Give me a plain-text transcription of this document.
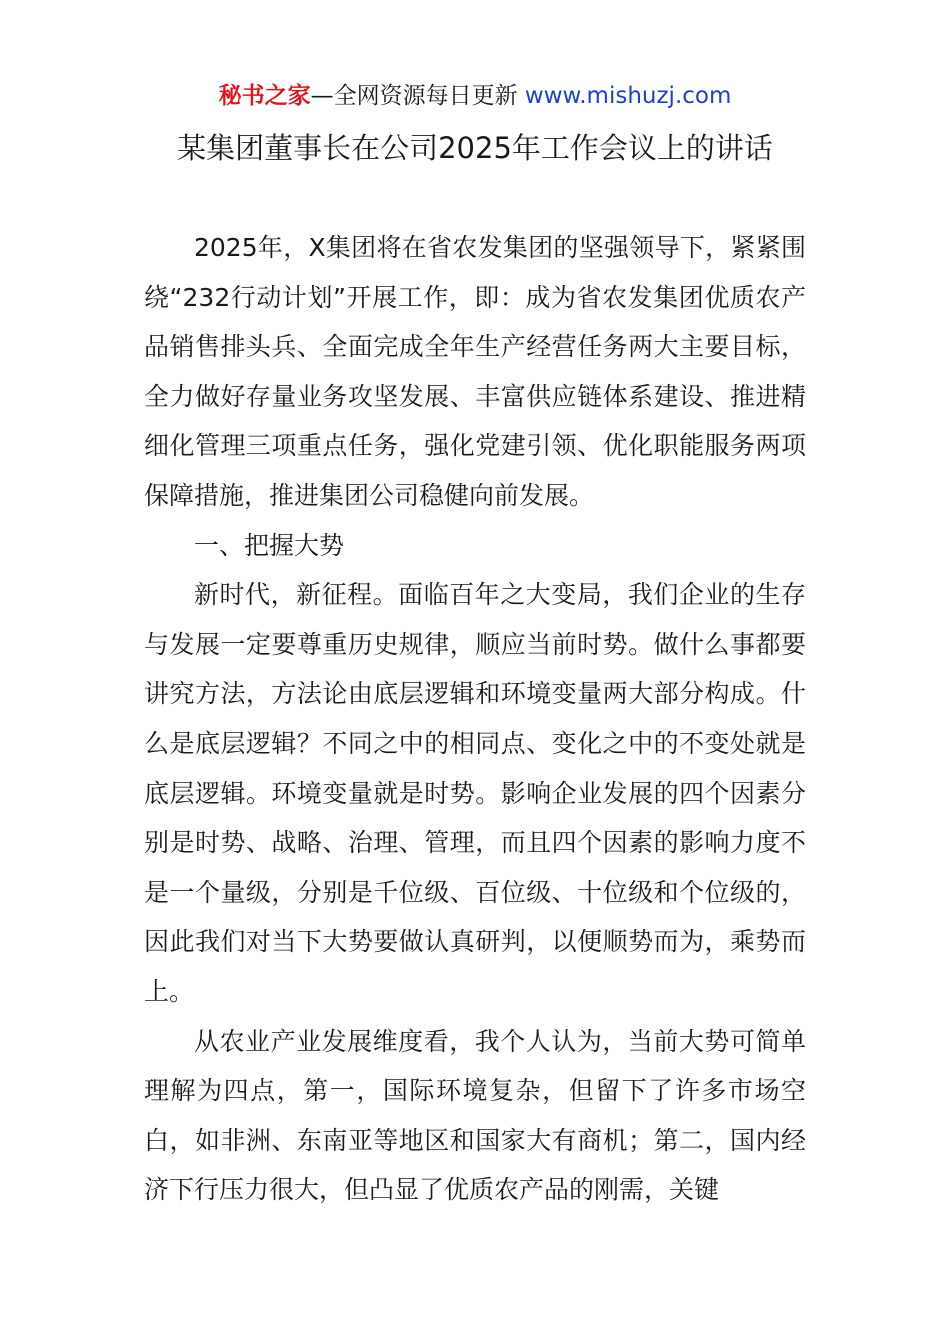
秘书之家—全网资源每日更新 www.mishuzj.com
某集团董事长在公司2025年工作会议上的讲话

2025年，X集团将在省农发集团的坚强领导下，紧紧围绕“232行动计划”开展工作，即：成为省农发集团优质农产品销售排头兵、全面完成全年生产经营任务两大主要目标，全力做好存量业务攻坚发展、丰富供应链体系建设、推进精细化管理三项重点任务，强化党建引领、优化职能服务两项保障措施，推进集团公司稳健向前发展。

一、把握大势

新时代，新征程。面临百年之大变局，我们企业的生存与发展一定要尊重历史规律，顺应当前时势。做什么事都要讲究方法，方法论由底层逻辑和环境变量两大部分构成。什么是底层逻辑？不同之中的相同点、变化之中的不变处就是底层逻辑。环境变量就是时势。影响企业发展的四个因素分别是时势、战略、治理、管理，而且四个因素的影响力度不是一个量级，分别是千位级、百位级、十位级和个位级的，因此我们对当下大势要做认真研判，以便顺势而为，乘势而上。

从农业产业发展维度看，我个人认为，当前大势可简单理解为四点，第一，国际环境复杂，但留下了许多市场空白，如非洲、东南亚等地区和国家大有商机；第二，国内经济下行压力很大，但凸显了优质农产品的刚需，关键
